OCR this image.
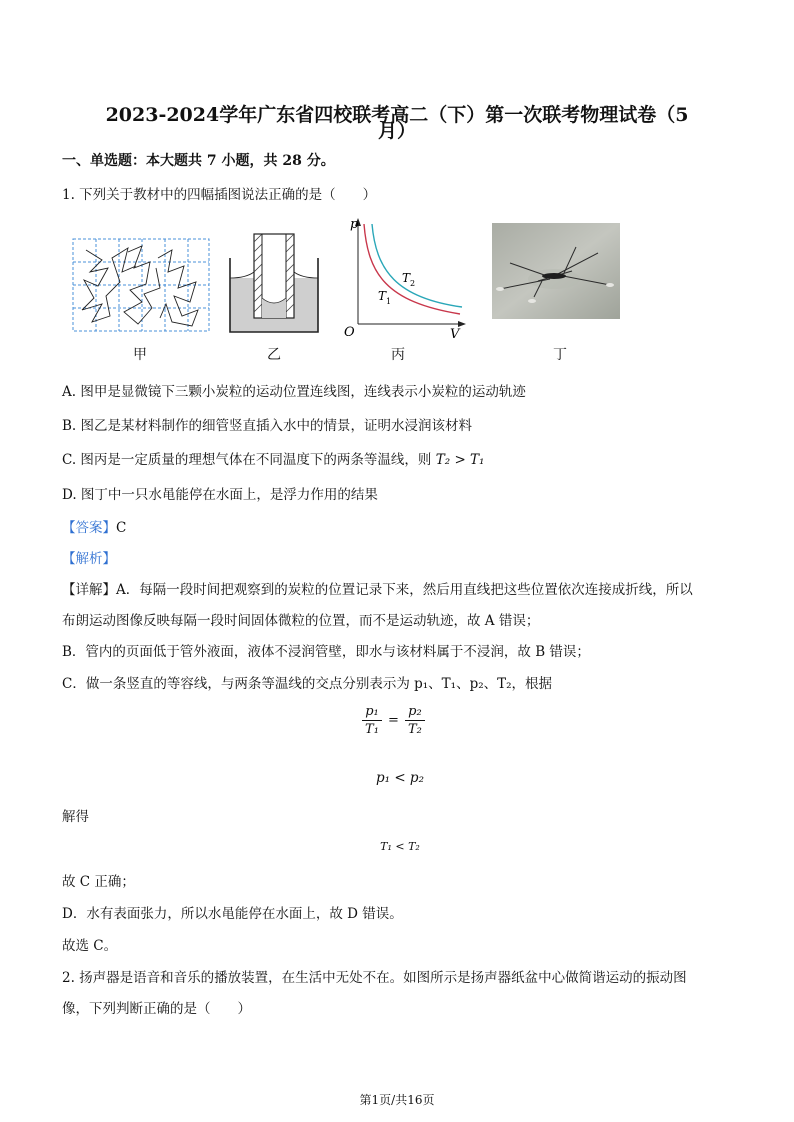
2023-2024学年广东省四校联考高二（下）第一次联考物理试卷（5
月）
一、单选题：本大题共 7 小题，共 28 分。
1. 下列关于教材中的四幅插图说法正确的是（　　）
甲	乙
p
V
O
T 2
T 1
丙	丁
A. 图甲是显微镜下三颗小炭粒的运动位置连线图，连线表示小炭粒的运动轨迹
B. 图乙是某材料制作的细管竖直插入水中的情景，证明水浸润该材料
C. 图丙是一定质量的理想气体在不同温度下的两条等温线，则 T₂ > T₁
D. 图丁中一只水黾能停在水面上，是浮力作用的结果
【答案】C
【解析】
【详解】A．每隔一段时间把观察到的炭粒的位置记录下来，然后用直线把这些位置依次连接成折线，所以
布朗运动图像反映每隔一段时间固体微粒的位置，而不是运动轨迹，故 A 错误；
B．管内的页面低于管外液面，液体不浸润管壁，即水与该材料属于不浸润，故 B 错误；
C．做一条竖直的等容线，与两条等温线的交点分别表示为 p₁、T₁、p₂、T₂，根据
$\frac{\text{p₁}}{\text{T₁}} = \frac{\text{p₂}}{\text{T₂}}$
p₁ < p₂
解得
T₁ < T₂
故 C 正确；
D．水有表面张力，所以水黾能停在水面上，故 D 错误。
故选 C。
2. 扬声器是语音和音乐的播放装置，在生活中无处不在。如图所示是扬声器纸盆中心做简谐运动的振动图
像，下列判断正确的是（　　）
第1页/共16页
